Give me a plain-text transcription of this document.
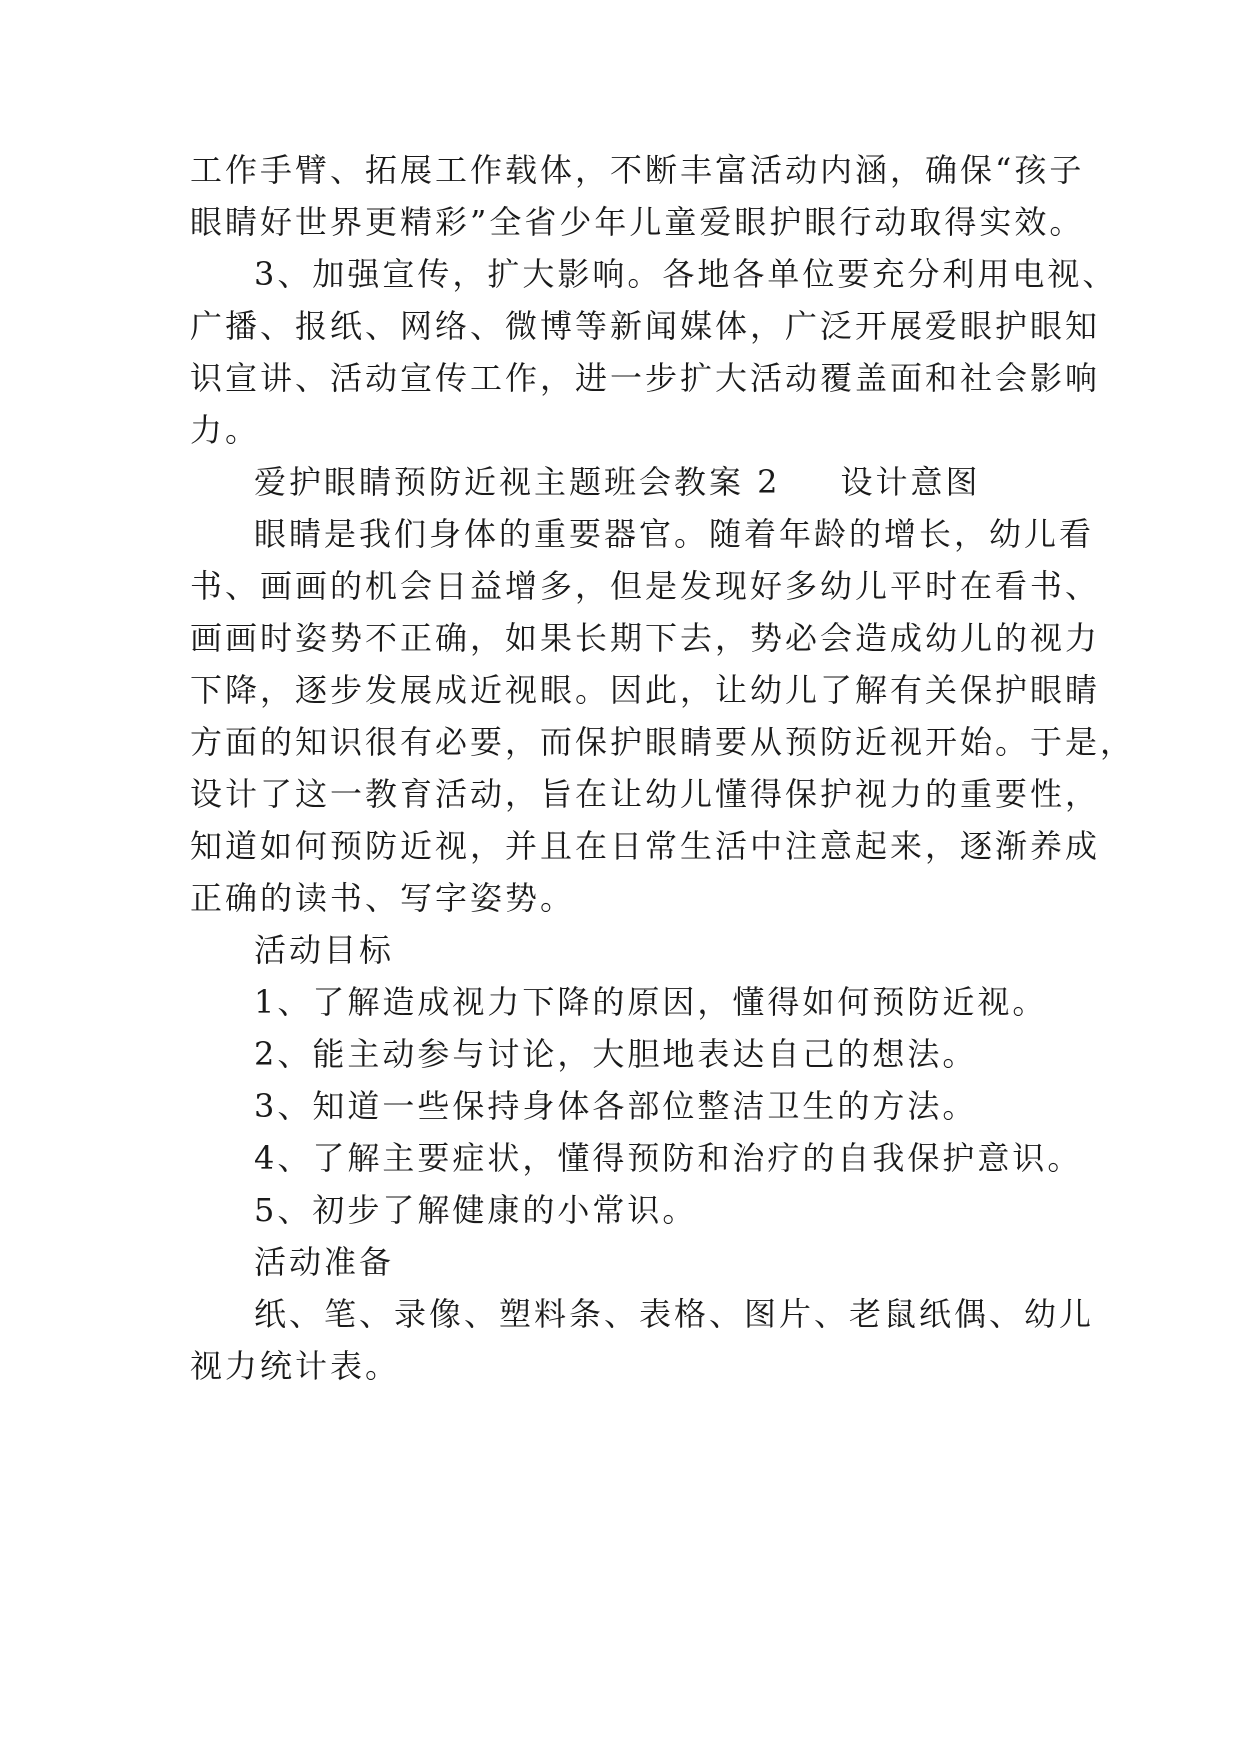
工作手臂、拓展工作载体，不断丰富活动内涵，确保“孩子
眼睛好世界更精彩”全省少年儿童爱眼护眼行动取得实效。
3、加强宣传，扩大影响。各地各单位要充分利用电视、
广播、报纸、网络、微博等新闻媒体，广泛开展爱眼护眼知
识宣讲、活动宣传工作，进一步扩大活动覆盖面和社会影响
力。
爱护眼睛预防近视主题班会教案 2 设计意图
眼睛是我们身体的重要器官。随着年龄的增长，幼儿看
书、画画的机会日益增多，但是发现好多幼儿平时在看书、
画画时姿势不正确，如果长期下去，势必会造成幼儿的视力
下降，逐步发展成近视眼。因此，让幼儿了解有关保护眼睛
方面的知识很有必要，而保护眼睛要从预防近视开始。于是，
设计了这一教育活动，旨在让幼儿懂得保护视力的重要性，
知道如何预防近视，并且在日常生活中注意起来，逐渐养成
正确的读书、写字姿势。
活动目标
1、了解造成视力下降的原因，懂得如何预防近视。
2、能主动参与讨论，大胆地表达自己的想法。
3、知道一些保持身体各部位整洁卫生的方法。
4、了解主要症状，懂得预防和治疗的自我保护意识。
5、初步了解健康的小常识。
活动准备
纸、笔、录像、塑料条、表格、图片、老鼠纸偶、幼儿
视力统计表。
